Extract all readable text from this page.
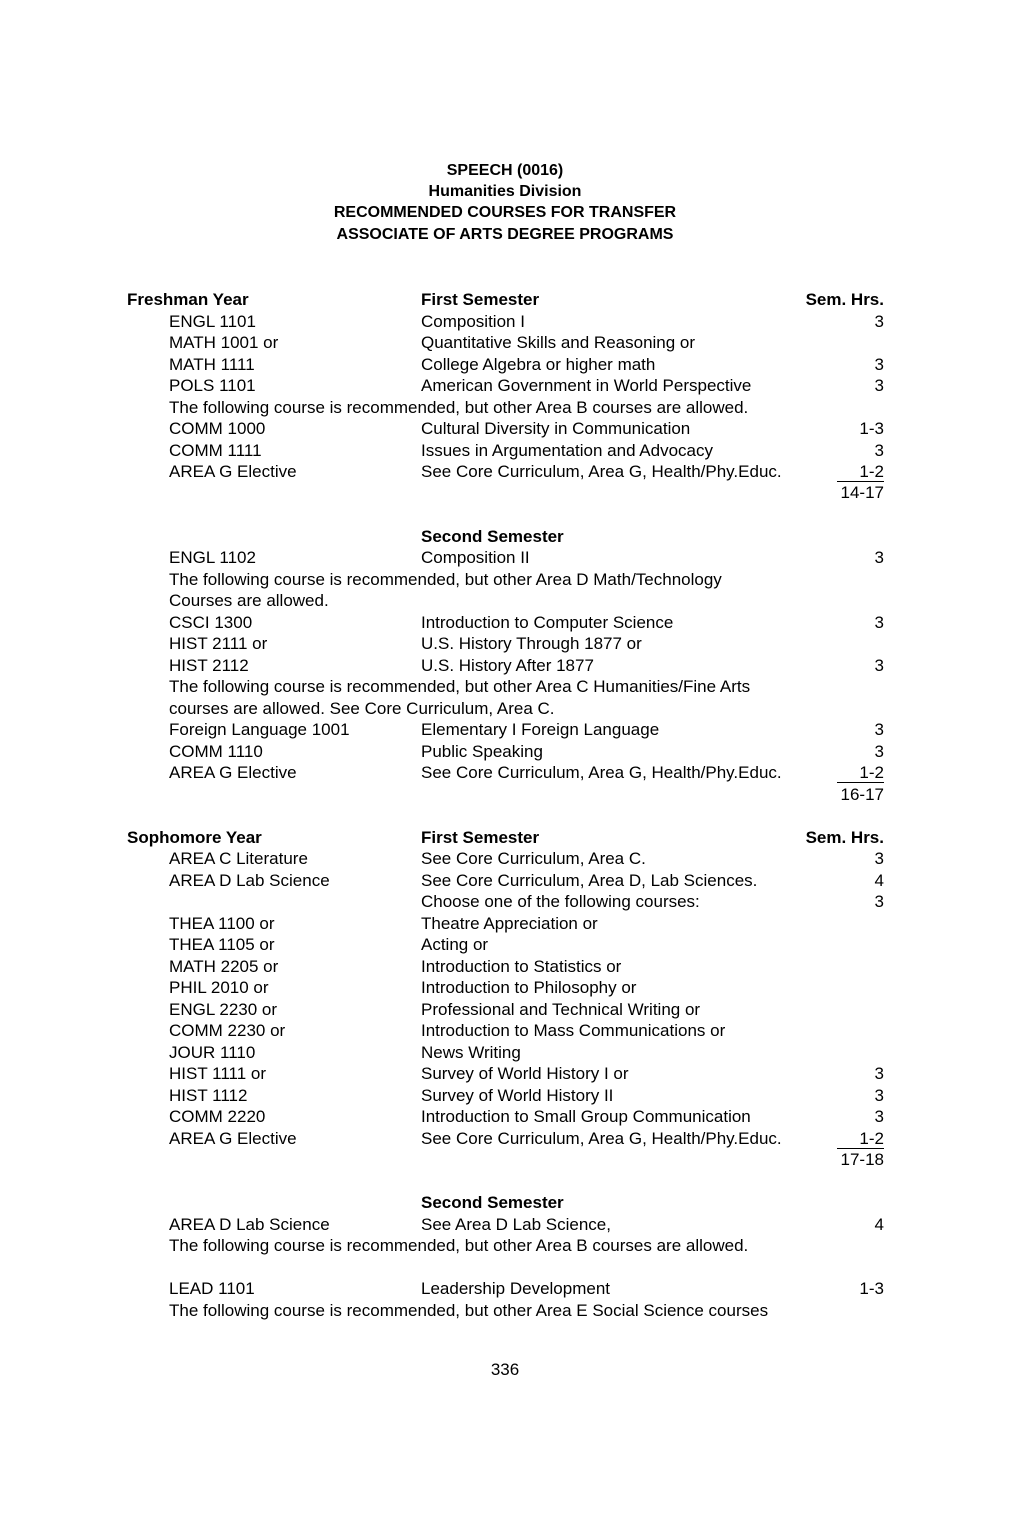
SPEECH (0016)
Humanities Division
RECOMMENDED COURSES FOR TRANSFER
ASSOCIATE OF ARTS DEGREE PROGRAMS
Freshman Year	First Semester	Sem. Hrs.
ENGL 1101	Composition I	3
MATH 1001 or	Quantitative Skills and Reasoning or
MATH 1111	College Algebra or higher math	3
POLS 1101	American Government in World Perspective	3
The following course is recommended, but other Area B courses are allowed.
COMM 1000	Cultural Diversity in Communication	1-3
COMM 1111	Issues in Argumentation and Advocacy	3
AREA G Elective	See Core Curriculum, Area G, Health/Phy.Educ.	1-2
14-17
Second Semester
ENGL 1102	Composition II	3
The following course is recommended, but other Area D Math/Technology
Courses are allowed.
CSCI 1300	Introduction to Computer Science	3
HIST 2111 or	U.S. History Through 1877 or
HIST 2112	U.S. History After 1877	3
The following course is recommended, but other Area C Humanities/Fine Arts
courses are allowed. See Core Curriculum, Area C.
Foreign Language 1001	Elementary I Foreign Language	3
COMM 1110	Public Speaking	3
AREA G Elective	See Core Curriculum, Area G, Health/Phy.Educ.	1-2
16-17
Sophomore Year	First Semester	Sem. Hrs.
AREA C Literature	See Core Curriculum, Area C.	3
AREA D Lab Science	See Core Curriculum, Area D, Lab Sciences.	4
Choose one of the following courses:	3
THEA 1100 or	Theatre Appreciation or
THEA 1105 or	Acting or
MATH 2205 or	Introduction to Statistics or
PHIL 2010 or	Introduction to Philosophy or
ENGL 2230 or	Professional and Technical Writing or
COMM 2230 or	Introduction to Mass Communications or
JOUR 1110	News Writing
HIST 1111 or	Survey of World History I or	3
HIST 1112	Survey of World History II	3
COMM 2220	Introduction to Small Group Communication	3
AREA G Elective	See Core Curriculum, Area G, Health/Phy.Educ.	1-2
17-18
Second Semester
AREA D Lab Science	See Area D Lab Science,	4
The following course is recommended, but other Area B courses are allowed.
LEAD 1101	Leadership Development	1-3
The following course is recommended, but other Area E Social Science courses
336
